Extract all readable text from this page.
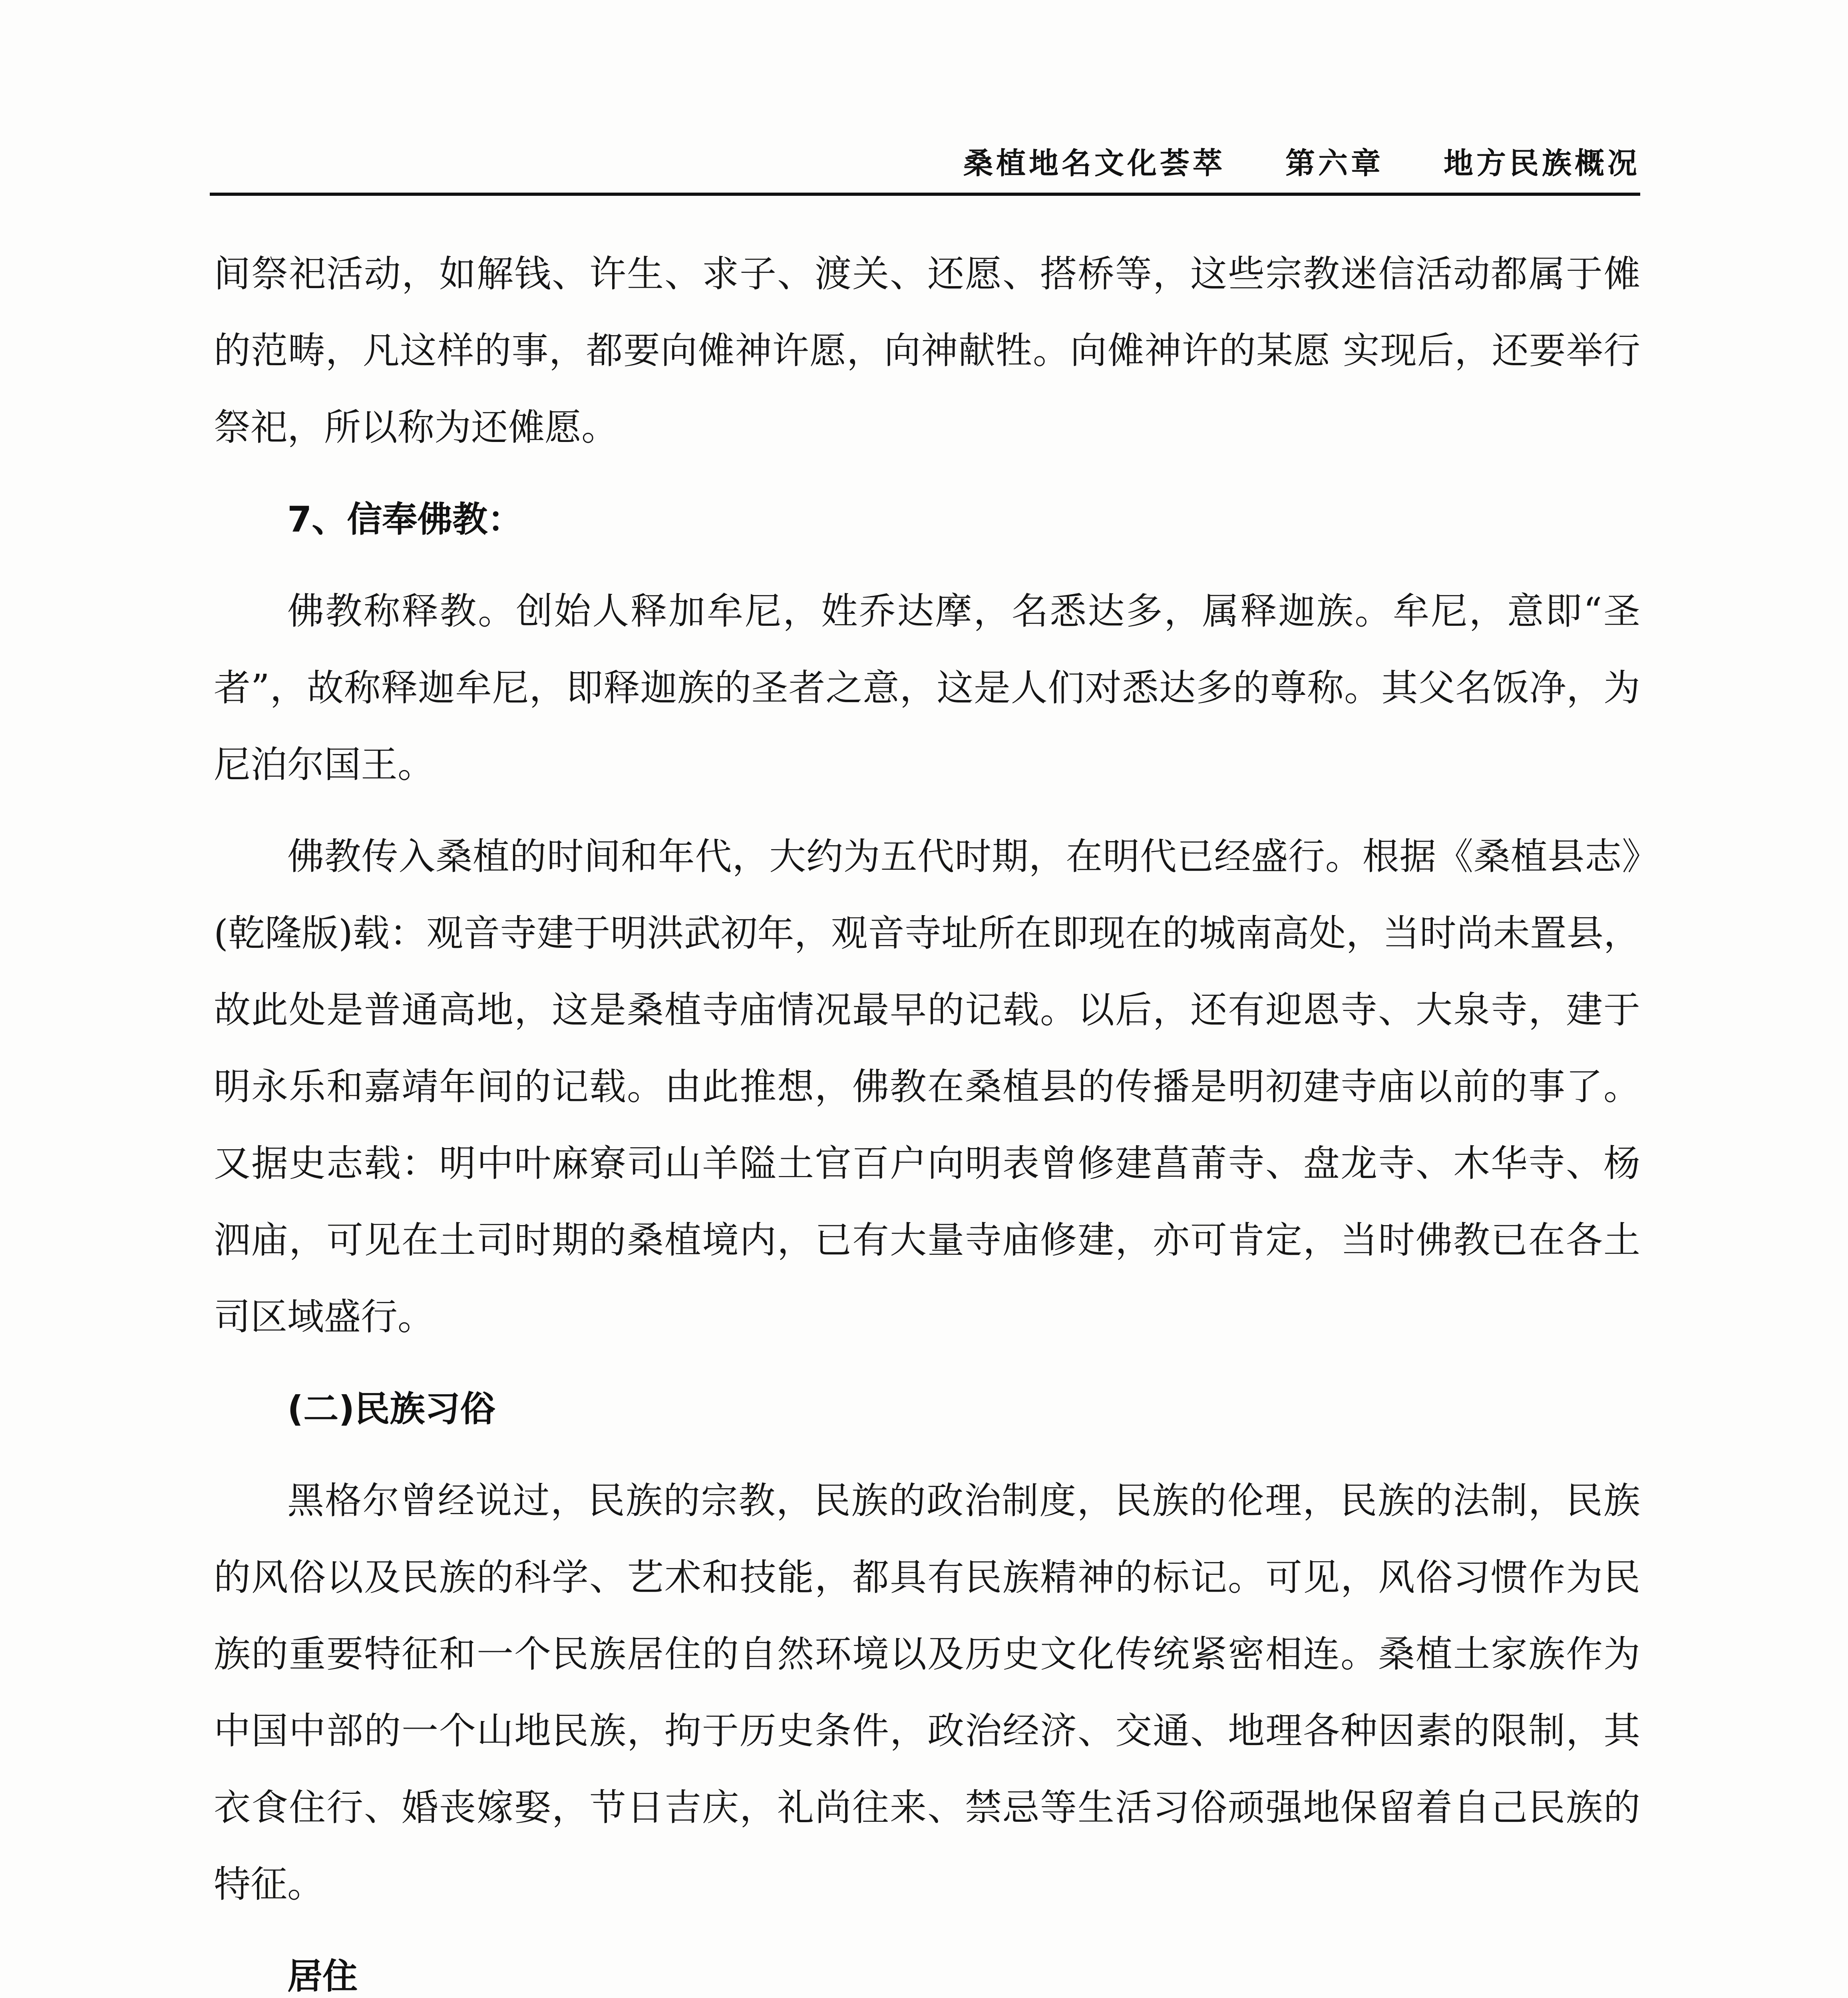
桑植地名文化荟萃 第六章 地方民族概况

间祭祀活动，如解钱、许生、求子、渡关、还愿、搭桥等，这些宗教迷信活动都属于傩的范畴，凡这样的事，都要向傩神许愿，向神献牲。向傩神许的某愿 实现后，还要举行祭祀，所以称为还傩愿。

7、信奉佛教：

佛教称释教。创始人释加牟尼，姓乔达摩，名悉达多，属释迦族。牟尼，意即“圣者”，故称释迦牟尼，即释迦族的圣者之意，这是人们对悉达多的尊称。其父名饭净，为尼泊尔国王。

佛教传入桑植的时间和年代，大约为五代时期，在明代已经盛行。根据《桑植县志》(乾隆版)载：观音寺建于明洪武初年，观音寺址所在即现在的城南高处，当时尚未置县，故此处是普通高地，这是桑植寺庙情况最早的记载。以后，还有迎恩寺、大泉寺，建于明永乐和嘉靖年间的记载。由此推想，佛教在桑植县的传播是明初建寺庙以前的事了。又据史志载：明中叶麻寮司山羊隘土官百户向明表曾修建菖莆寺、盘龙寺、木华寺、杨泗庙，可见在土司时期的桑植境内，已有大量寺庙修建，亦可肯定，当时佛教已在各土司区域盛行。

(二)民族习俗

黑格尔曾经说过，民族的宗教，民族的政治制度，民族的伦理，民族的法制，民族的风俗以及民族的科学、艺术和技能，都具有民族精神的标记。可见，风俗习惯作为民族的重要特征和一个民族居住的自然环境以及历史文化传统紧密相连。桑植土家族作为中国中部的一个山地民族，拘于历史条件，政治经济、交通、地理各种因素的限制，其衣食住行、婚丧嫁娶，节日吉庆，礼尚往来、禁忌等生活习俗顽强地保留着自己民族的特征。

居住
